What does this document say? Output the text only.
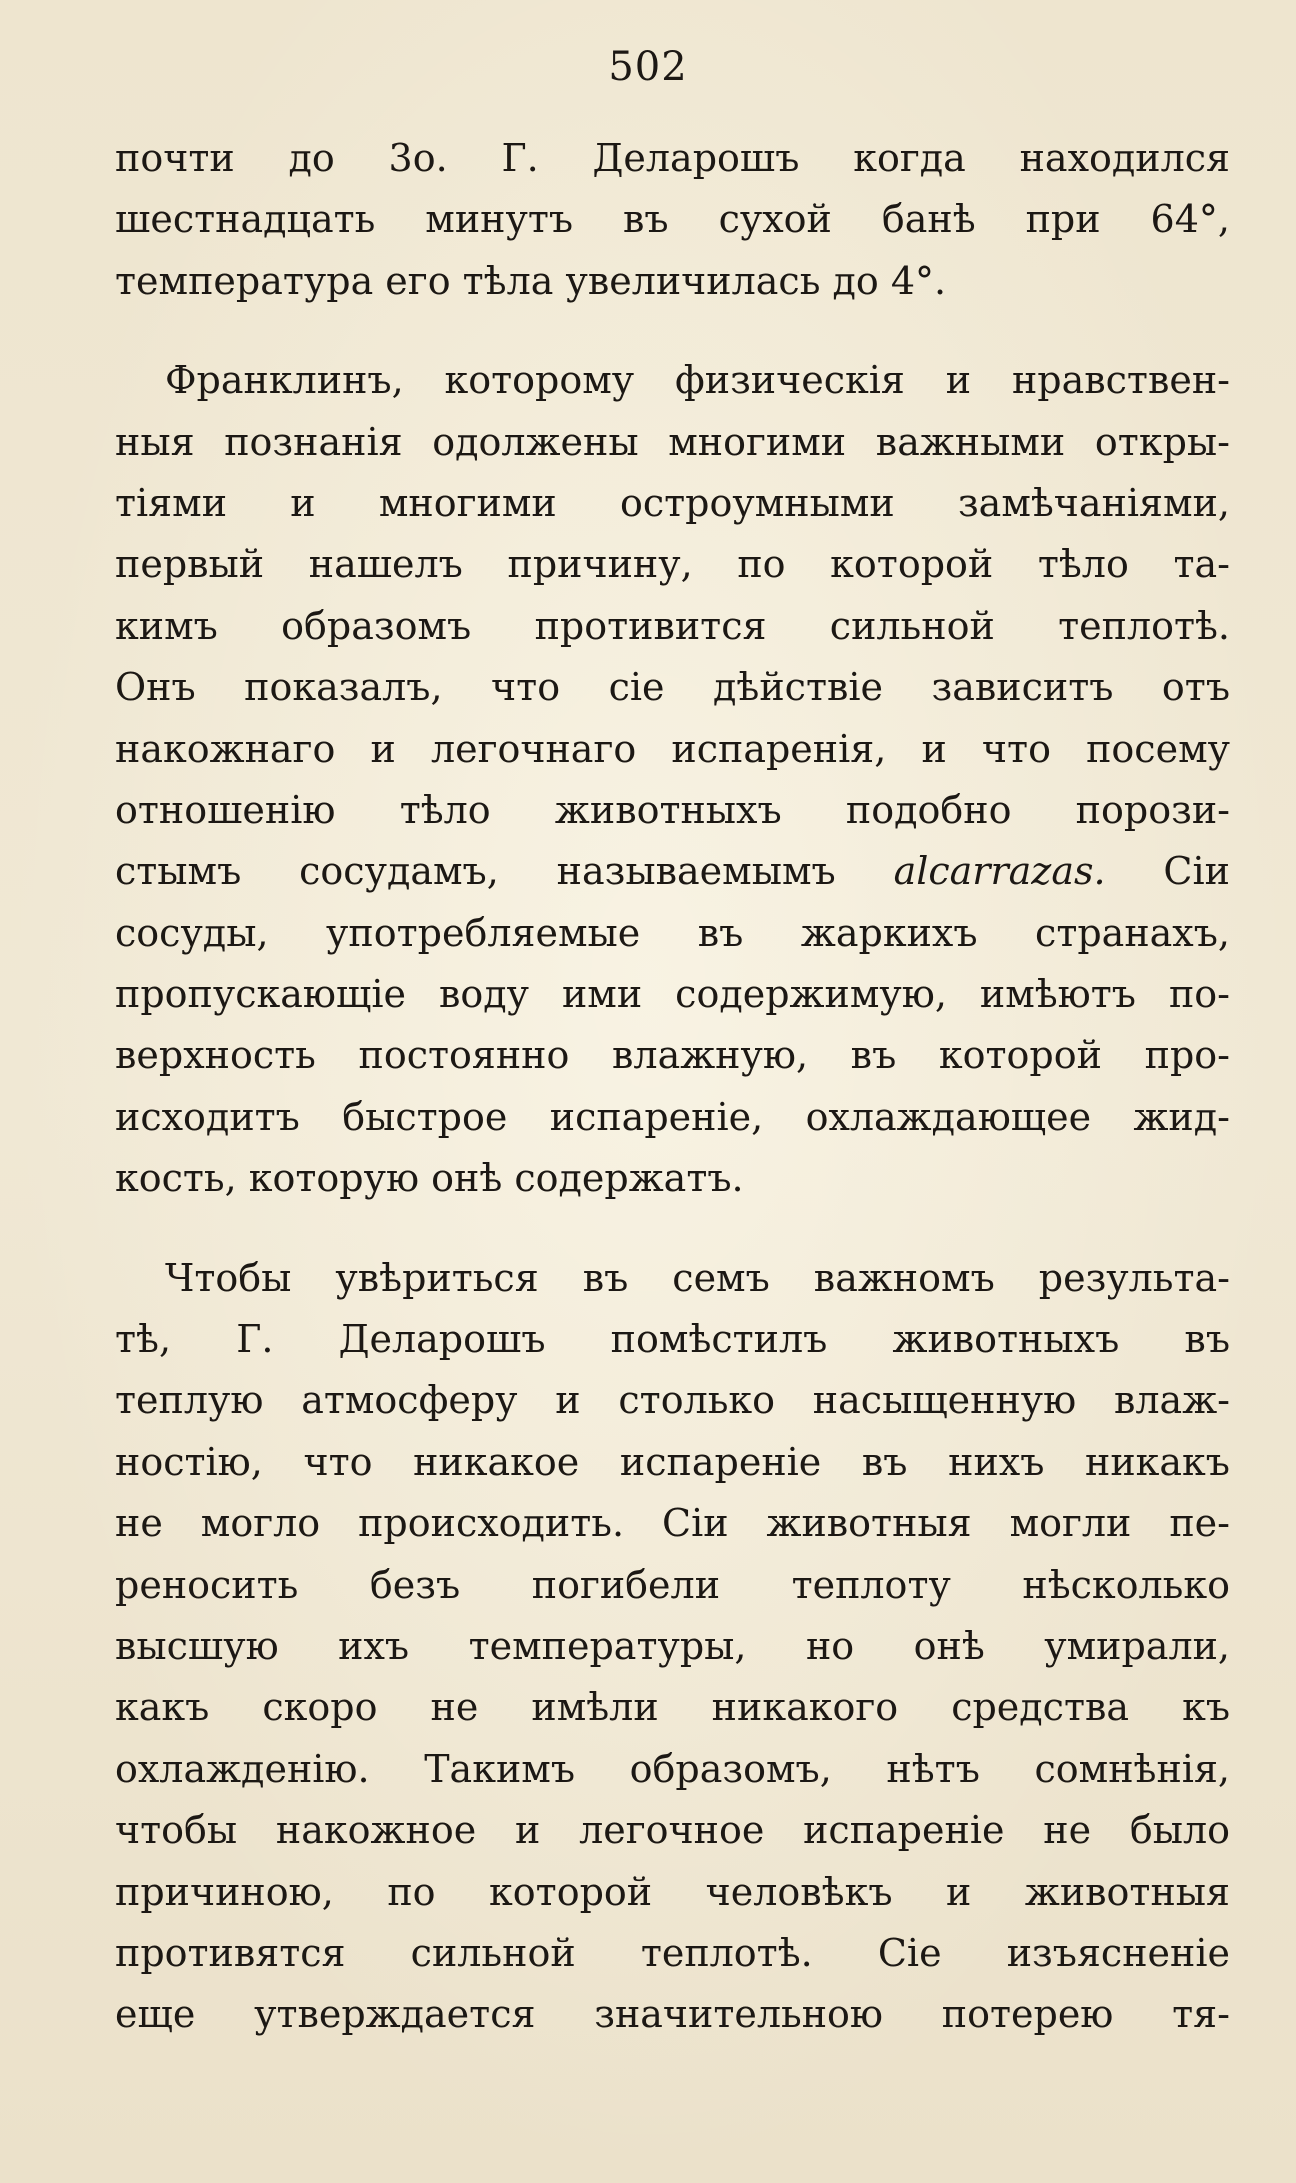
502
почти до 3о. Г. Деларошъ когда находился
шестнадцать минутъ въ сухой банѣ при 64°,
температура его тѣла увеличилась до 4°.
Франклинъ, которому физическія и нравствен-
ныя познанія одолжены многими важными откры-
тіями и многими остроумными замѣчаніями,
первый нашелъ причину, по которой тѣло та-
кимъ образомъ противится сильной теплотѣ.
Онъ показалъ, что сіе дѣйствіе зависитъ отъ
накожнаго и легочнаго испаренія, и что посему
отношенію тѣло животныхъ подобно порози-
стымъ сосудамъ, называемымъ alcarrazas. Сіи
сосуды, употребляемые въ жаркихъ странахъ,
пропускающіе воду ими содержимую, имѣютъ по-
верхность постоянно влажную, въ которой про-
исходитъ быстрое испареніе, охлаждающее жид-
кость, которую онѣ содержатъ.
Чтобы увѣриться въ семъ важномъ результа-
тѣ, Г. Деларошъ помѣстилъ животныхъ въ
теплую атмосферу и столько насыщенную влаж-
ностію, что никакое испареніе въ нихъ никакъ
не могло происходить. Сіи животныя могли пе-
реносить безъ погибели теплоту нѣсколько
высшую ихъ температуры, но онѣ умирали,
какъ скоро не имѣли никакого средства къ
охлажденію. Такимъ образомъ, нѣтъ сомнѣнія,
чтобы накожное и легочное испареніе не было
причиною, по которой человѣкъ и животныя
противятся сильной теплотѣ. Сіе изъясненіе
еще утверждается значительною потерею тя-
